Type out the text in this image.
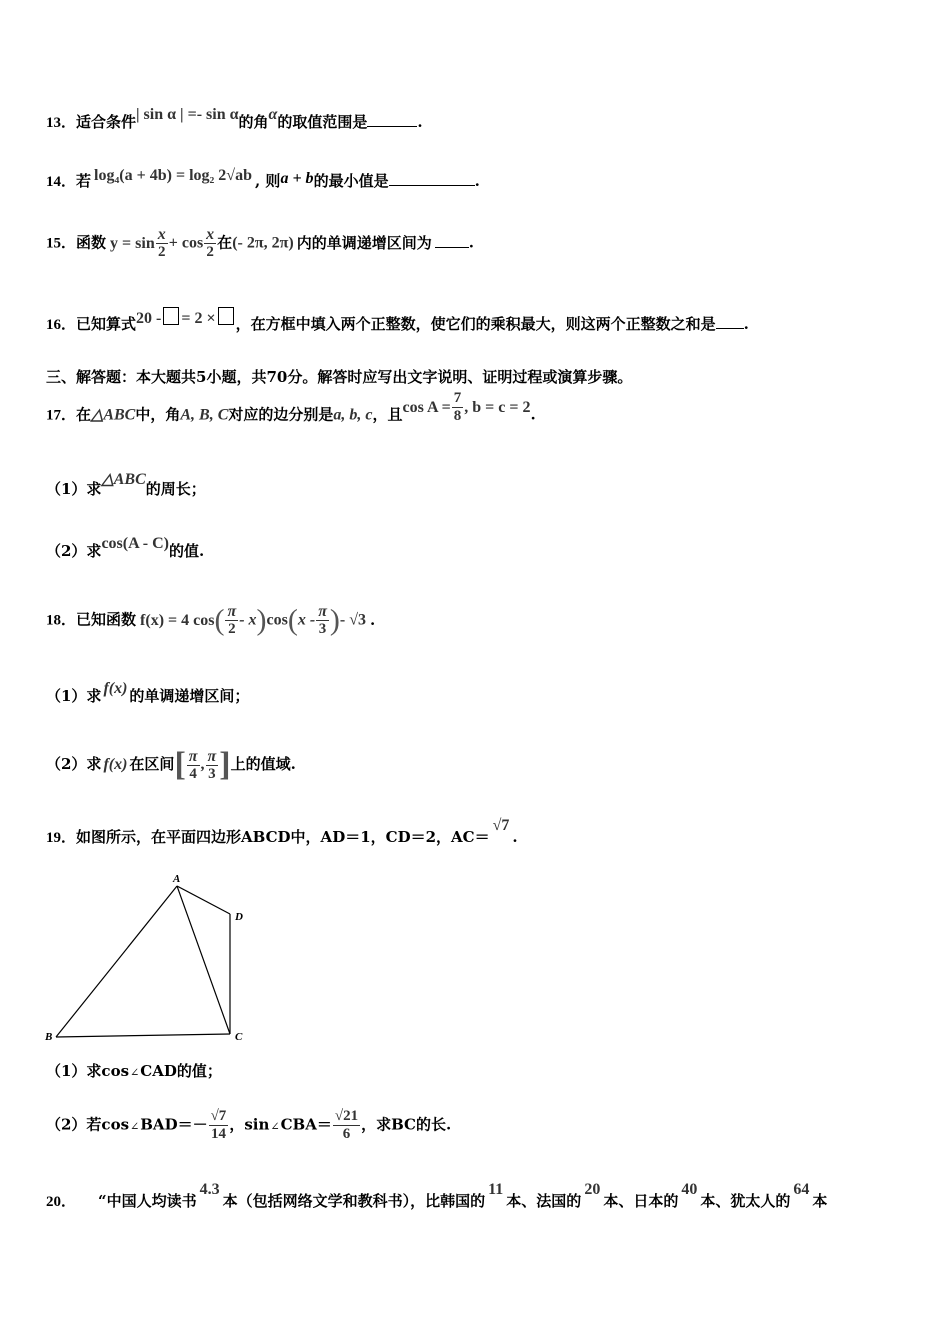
13．适合条件| sin α | =- sin α的角α的取值范围是	.
14．若 log₄(a + 4b) = log₂ 2√ab , 则a + b的最小值是	.
15．函数 $y = \sin \frac{x}{2} + \cos \frac{x}{2}$ 在(- 2π, 2π) 内的单调递增区间为 .
16．已知算式20 - = 2 × ，在方框中填入两个正整数，使它们的乘积最大，则这两个正整数之和是 .
三、解答题：本大题共5小题，共70分。解答时应写出文字说明、证明过程或演算步骤。
17．在△ABC中，角A, B, C对应的边分别是a, b, c，且$\cos A = \frac{7}{8}$ , b = c = 2.
（1）求△ABC的周长；
（2）求cos(A - C)的值.
18．已知函数 f(x) = 4 $\cos( \frac{\pi}{2} - x)\cos(x - \frac{\pi}{3}$ )- √3 .
（1）求 f(x) 的单调递增区间；
（2）求 f(x) 在区间[ $\frac{\pi}{4}$ , $\frac{\pi}{3}$ ]上的值域.
19．如图所示，在平面四边形ABCD中，AD＝1，CD＝2，AC＝√7.
A
B	C
D
（1）求cos∠CAD的值；
（2）若cos∠BAD＝－ $\frac{√7}{14}$ ，sin∠CBA＝ $\frac{√21}{6}$ ，求BC的长.
20． “中国人均读书4.3本（包括网络文学和教科书），比韩国的11本、法国的20本、日本的40本、犹太人的64本
